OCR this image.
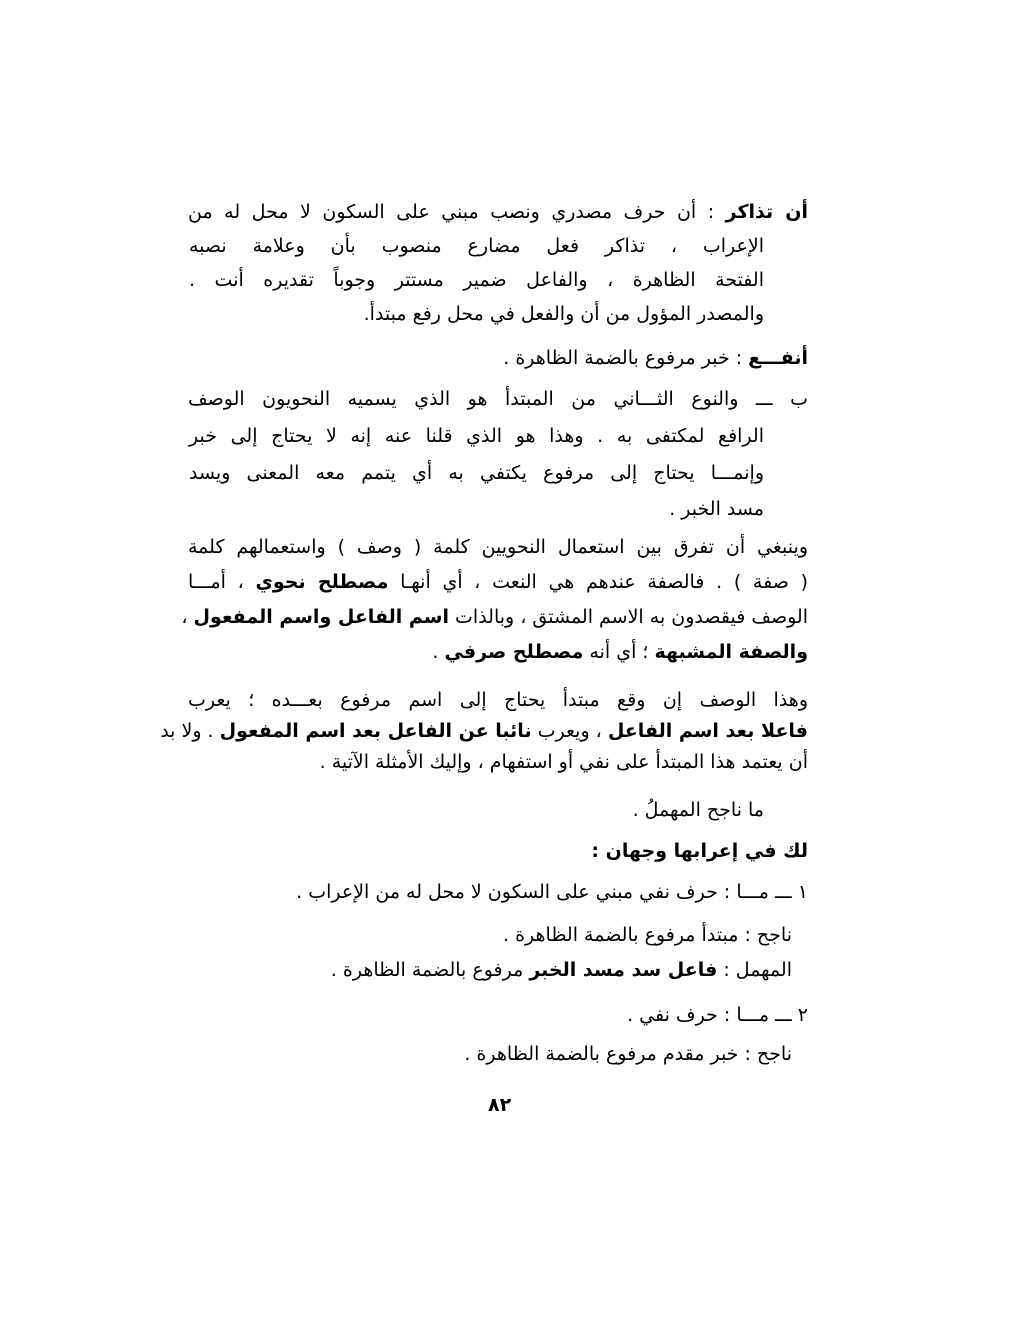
أن تذاكر : أن حرف مصدري ونصب مبني على السكون لا محل له من
الإعراب ، تذاكر فعل مضارع منصوب بأن وعلامة نصبه
الفتحة الظاهرة ، والفاعل ضمير مستتر وجوباً تقديره أنت .
والمصدر المؤول من أن والفعل في محل رفع مبتدأ.
أنفـــع : خبر مرفوع بالضمة الظاهرة .
ب ـــ والنوع الثـــاني من المبتدأ هو الذي يسميه النحويون الوصف
الرافع لمكتفى به . وهذا هو الذي قلنا عنه إنه لا يحتاج إلى خبر
وإنمـــا يحتاج إلى مرفوع يكتفي به أي يتمم معه المعنى ويسد
مسد الخبر .
وينبغي أن تفرق بين استعمال النحويين كلمة ( وصف ) واستعمالهم كلمة
( صفة ) . فالصفة عندهم هي النعت ، أي أنهـا مصطلح نحوي ، أمـــا
الوصف فيقصدون به الاسم المشتق ، وبالذات اسم الفاعل واسم المفعول ،
والصفة المشبهة ؛ أي أنه مصطلح صرفي .
وهذا الوصف إن وقع مبتدأ يحتاج إلى اسم مرفوع بعـــده ؛ يعرب
فاعلا بعد اسم الفاعل ، ويعرب نائبا عن الفاعل بعد اسم المفعول . ولا بد
أن يعتمد هذا المبتدأ على نفي أو استفهام ، وإليك الأمثلة الآتية .
ما ناجح المهملُ .
لك في إعرابها وجهان :
١ ـــ مـــا : حرف نفي مبني على السكون لا محل له من الإعراب .
ناجح : مبتدأ مرفوع بالضمة الظاهرة .
المهمل : فاعل سد مسد الخبر مرفوع بالضمة الظاهرة .
٢ ـــ مـــا : حرف نفي .
ناجح : خبر مقدم مرفوع بالضمة الظاهرة .
٨٢
